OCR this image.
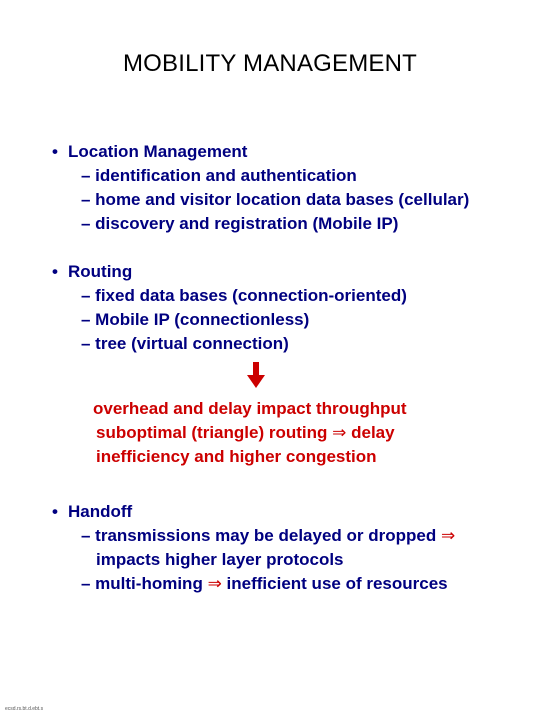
MOBILITY MANAGEMENT
• Location Management
– identification and authentication
– home and visitor location data bases (cellular)
– discovery and registration (Mobile IP)
• Routing
– fixed data bases (connection-oriented)
– Mobile IP (connectionless)
– tree (virtual connection)
overhead and delay impact throughput
suboptimal (triangle) routing ⇒ delay
inefficiency and higher congestion
• Handoff
– transmissions may be delayed or dropped ⇒
impacts higher layer protocols
– multi-homing ⇒ inefficient use of resources
ecsd.rs.bt.d.ebt.s
